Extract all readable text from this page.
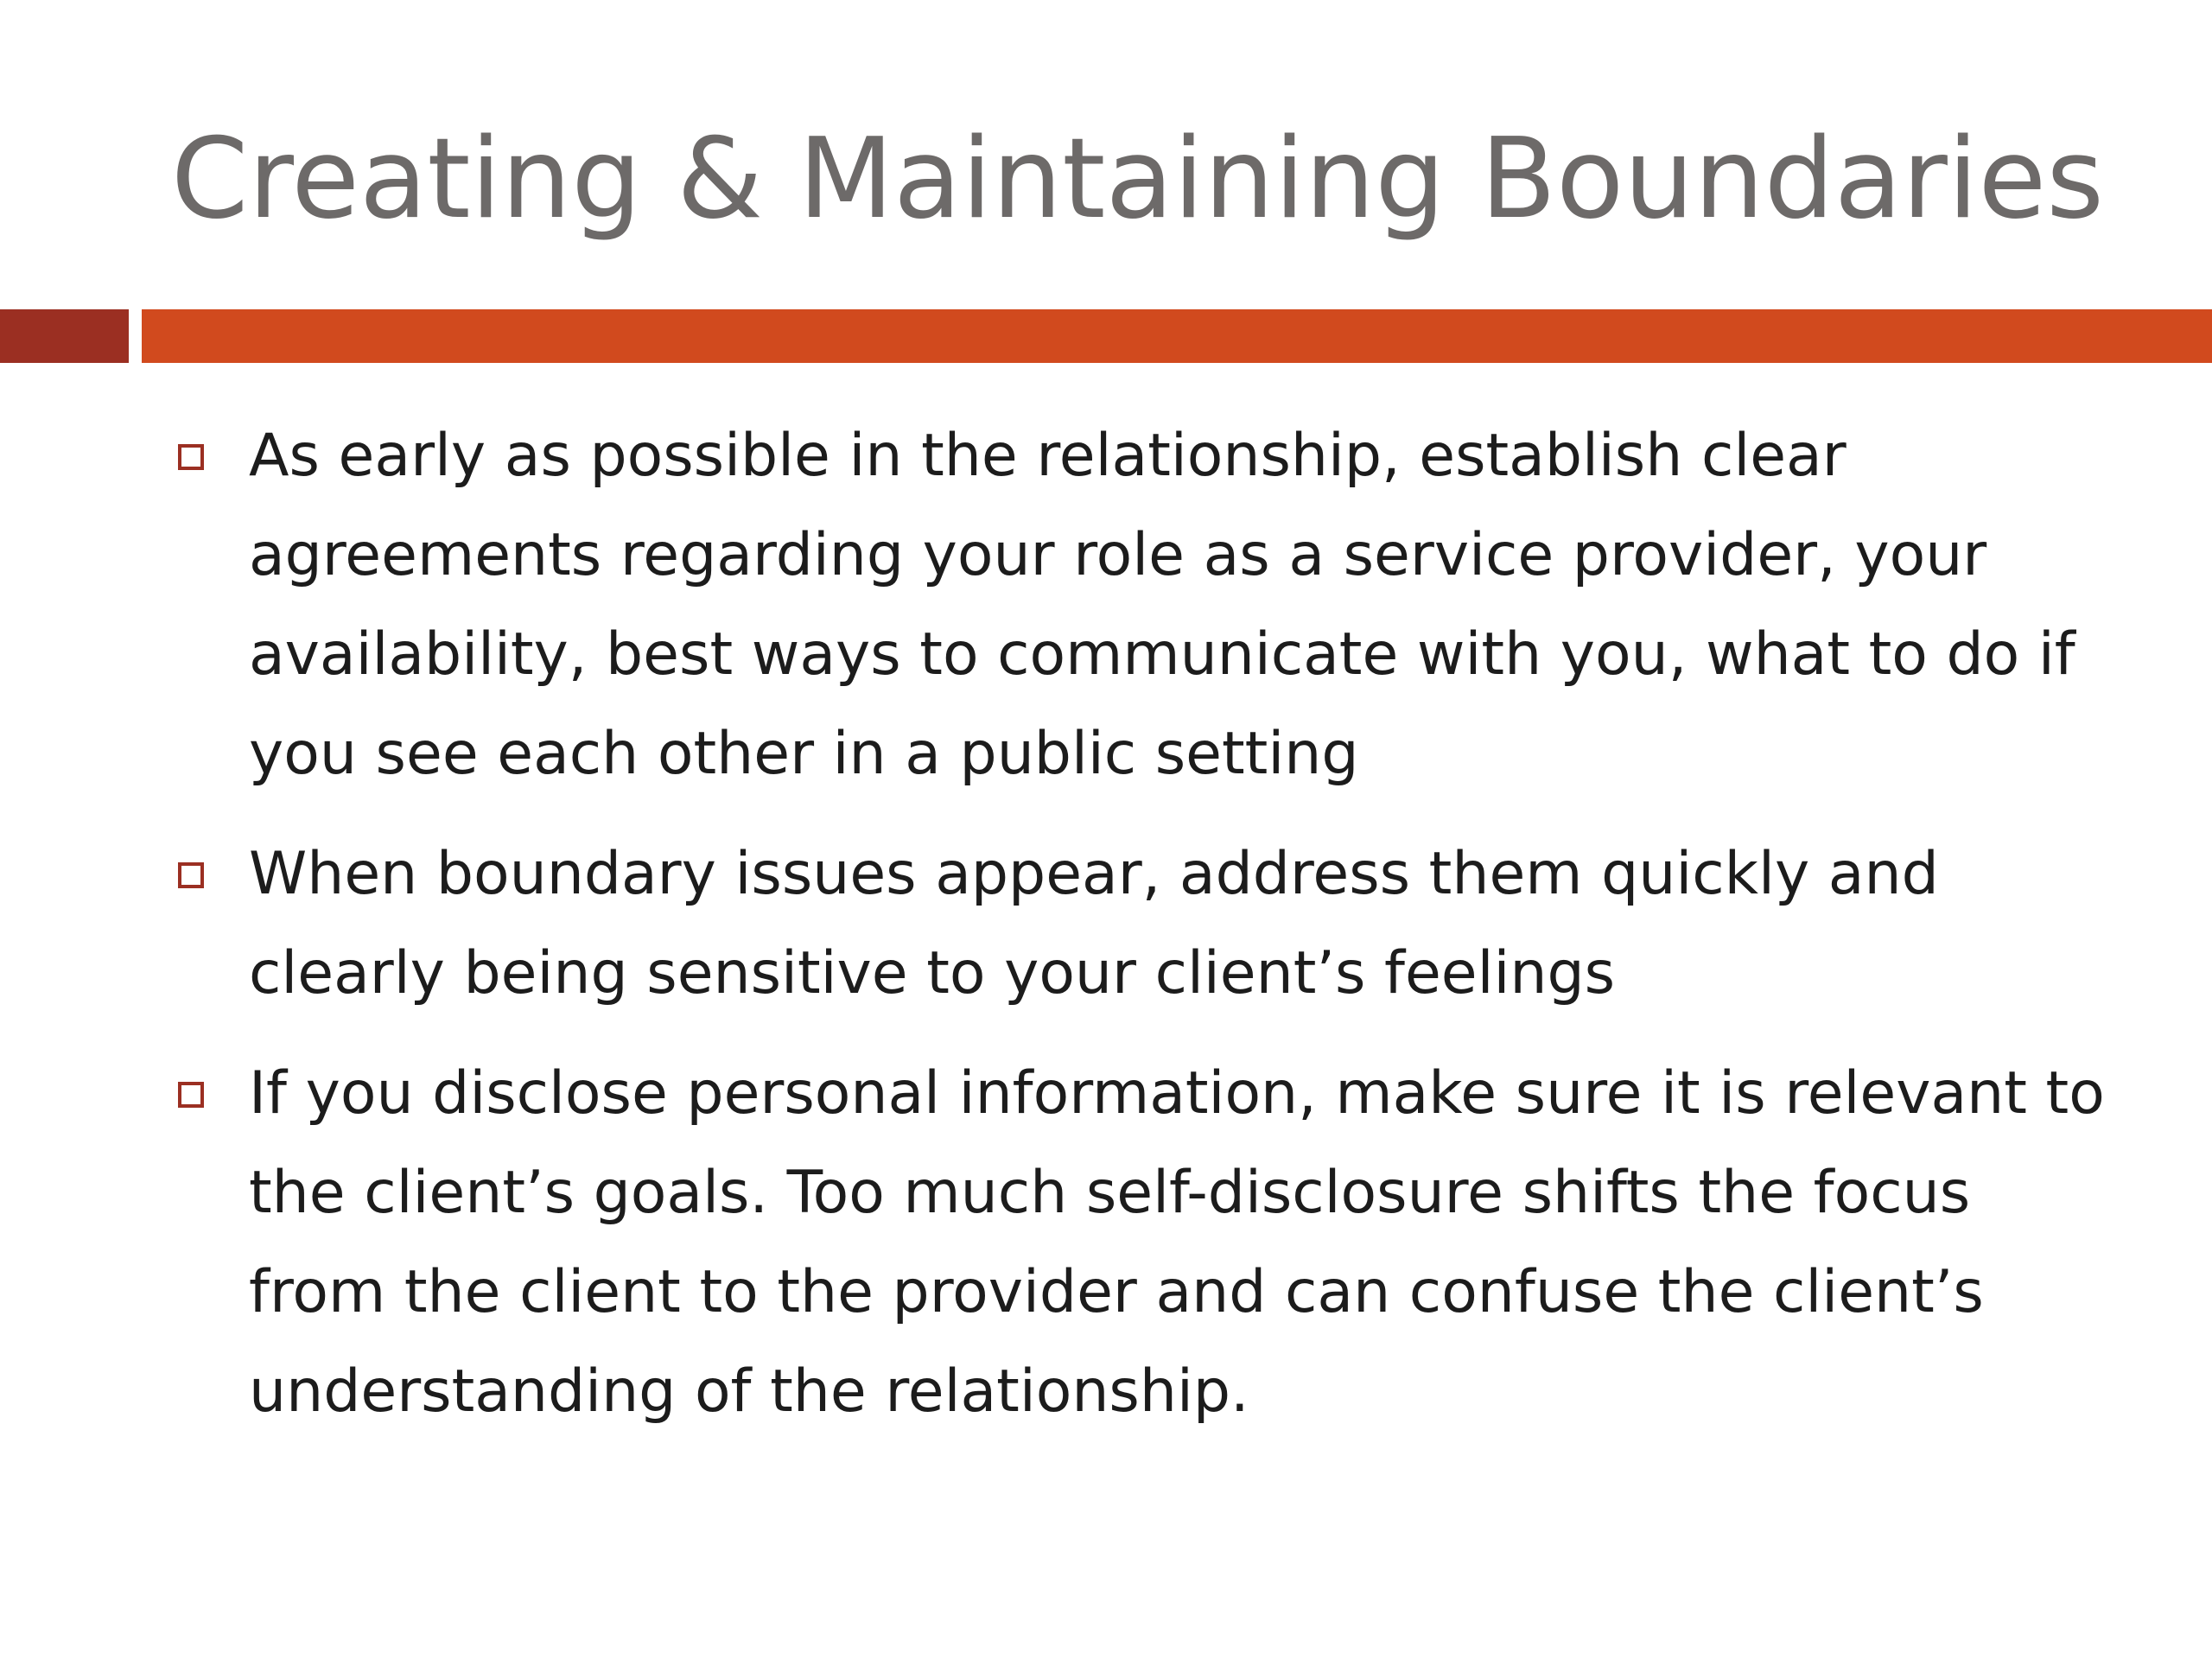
Creating & Maintaining Boundaries
As early as possible in the relationship, establish clear agreements regarding your role as a service provider, your availability, best ways to communicate with you, what to do if you see each other in a public setting
When boundary issues appear, address them quickly and clearly being sensitive to your client’s feelings
If you disclose personal information, make sure it is relevant to the client’s goals. Too much self-disclosure shifts the focus from the client to the provider and can confuse the client’s understanding of the relationship.
